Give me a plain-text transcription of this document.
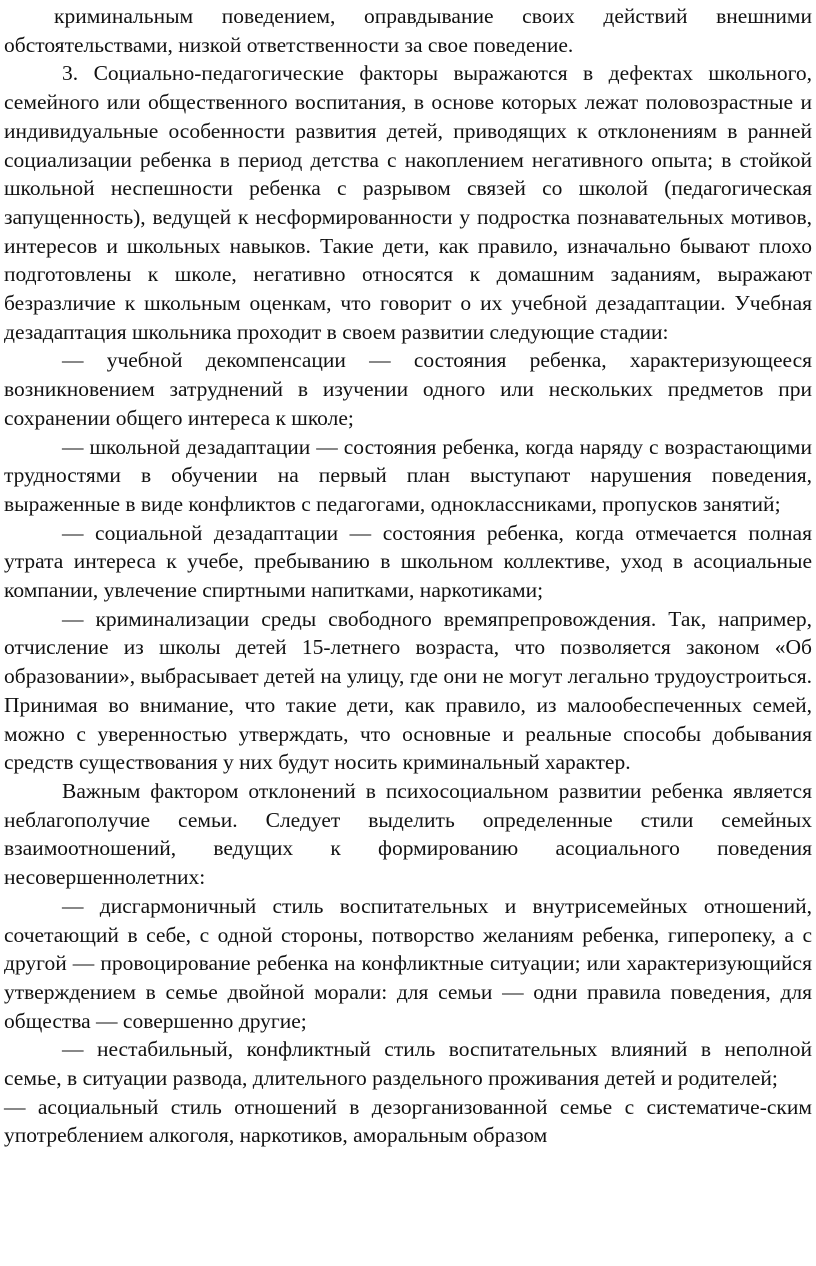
криминальным поведением, оправдывание своих действий внешними обстоятельствами, низкой ответственности за свое поведение.

3. Социально-педагогические факторы выражаются в дефектах школьного, семейного или общественного воспитания, в основе которых лежат половозрастные и индивидуальные особенности развития детей, приводящих к отклонениям в ранней социализации ребенка в период детства с накоплением негативного опыта; в стойкой школьной неспешности ребенка с разрывом связей со школой (педагогическая запущенность), ведущей к несформированности у подростка познавательных мотивов, интересов и школьных навыков. Такие дети, как правило, изначально бывают плохо подготовлены к школе, негативно относятся к домашним заданиям, выражают безразличие к школьным оценкам, что говорит о их учебной дезадаптации. Учебная дезадаптация школьника проходит в своем развитии следующие стадии:

— учебной декомпенсации — состояния ребенка, характеризующееся возникновением затруднений в изучении одного или нескольких предметов при сохранении общего интереса к школе;

— школьной дезадаптации — состояния ребенка, когда наряду с возрастающими трудностями в обучении на первый план выступают нарушения поведения, выраженные в виде конфликтов с педагогами, одноклассниками, пропусков занятий;

— социальной дезадаптации — состояния ребенка, когда отмечается полная утрата интереса к учебе, пребыванию в школьном коллективе, уход в асоциальные компании, увлечение спиртными напитками, наркотиками;

— криминализации среды свободного времяпрепровождения. Так, например, отчисление из школы детей 15-летнего возраста, что позволяется законом «Об образовании», выбрасывает детей на улицу, где они не могут легально трудоустроиться. Принимая во внимание, что такие дети, как правило, из малообеспеченных семей, можно с уверенностью утверждать, что основные и реальные способы добывания средств существования у них будут носить криминальный характер.

Важным фактором отклонений в психосоциальном развитии ребенка является неблагополучие семьи. Следует выделить определенные стили семейных взаимоотношений, ведущих к формированию асоциального поведения несовершеннолетних:

— дисгармоничный стиль воспитательных и внутрисемейных отношений, сочетающий в себе, с одной стороны, потворство желаниям ребенка, гиперопеку, а с другой — провоцирование ребенка на конфликтные ситуации; или характеризующийся утверждением в семье двойной морали: для семьи — одни правила поведения, для общества — совершенно другие;

— нестабильный, конфликтный стиль воспитательных влияний в неполной семье, в ситуации развода, длительного раздельного проживания детей и родителей;

— асоциальный стиль отношений в дезорганизованной семье с систематиче-ским употреблением алкоголя, наркотиков, аморальным образом
